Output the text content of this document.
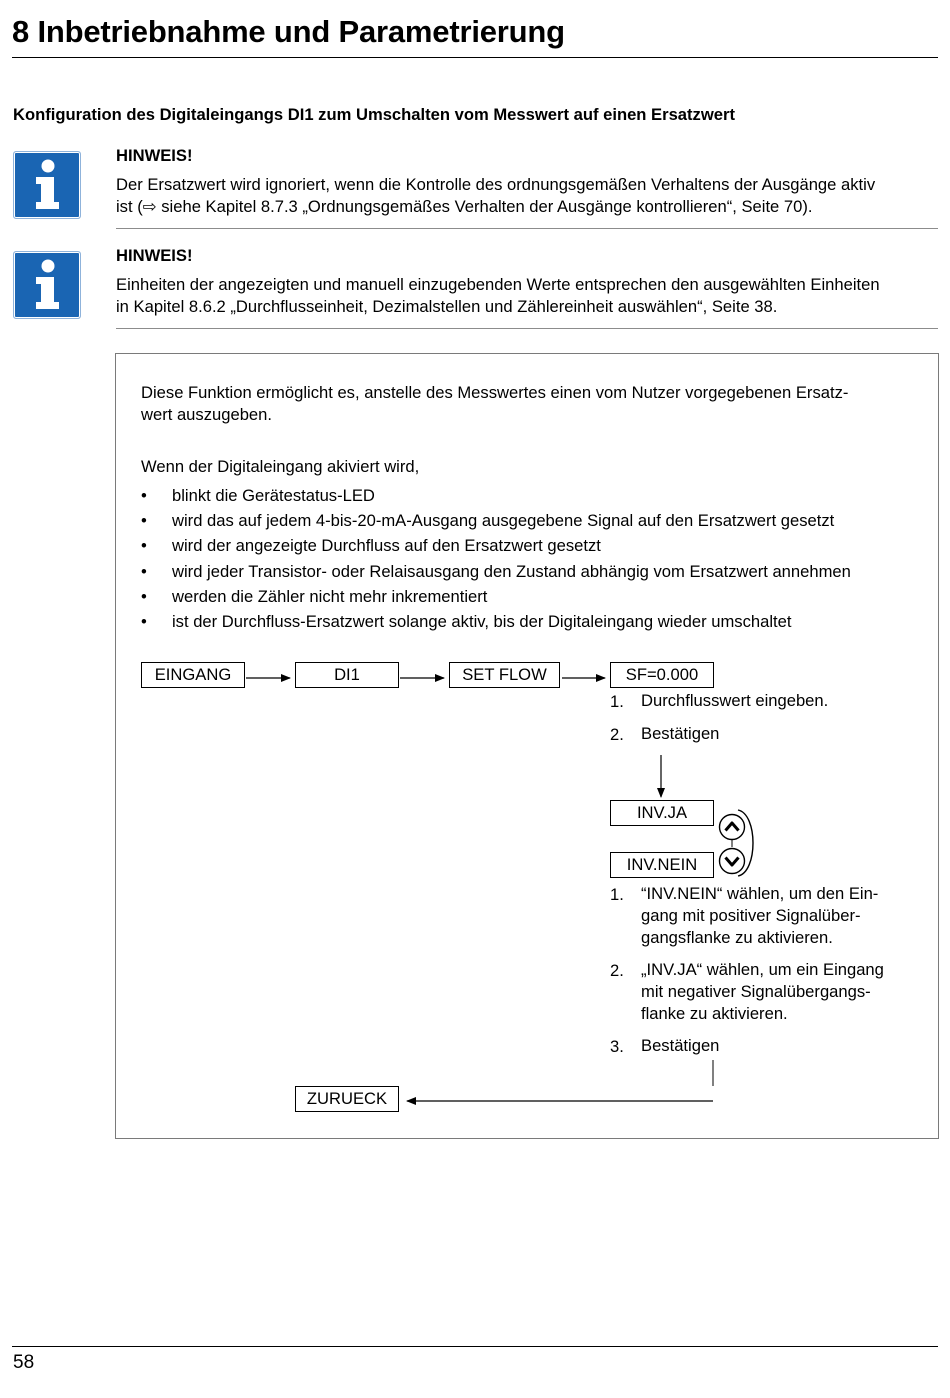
8 Inbetriebnahme und Parametrierung
Konfiguration des Digitaleingangs DI1 zum Umschalten vom Messwert auf einen Ersatzwert
HINWEIS!
Der Ersatzwert wird ignoriert, wenn die Kontrolle des ordnungsgemäßen Verhaltens der Ausgänge aktiv
ist (⇨ siehe Kapitel 8.7.3 „Ordnungsgemäßes Verhalten der Ausgänge kontrollieren“, Seite 70).
HINWEIS!
Einheiten der angezeigten und manuell einzugebenden Werte entsprechen den ausgewählten Einheiten
in Kapitel 8.6.2 „Durchflusseinheit, Dezimalstellen und Zählereinheit auswählen“, Seite 38.
Diese Funktion ermöglicht es, anstelle des Messwertes einen vom Nutzer vorgegebenen Ersatz-
wert auszugeben.
Wenn der Digitaleingang akiviert wird,
• blinkt die Gerätestatus-LED
• wird das auf jedem 4-bis-20-mA-Ausgang ausgegebene Signal auf den Ersatzwert gesetzt
• wird der angezeigte Durchfluss auf den Ersatzwert gesetzt
• wird jeder Transistor- oder Relaisausgang den Zustand abhängig vom Ersatzwert annehmen
• werden die Zähler nicht mehr inkrementiert
• ist der Durchfluss-Ersatzwert solange aktiv, bis der Digitaleingang wieder umschaltet
EINGANG	DI1	SET FLOW	SF=0.000
1. Durchflusswert eingeben.
2. Bestätigen
INV.JA
INV.NEIN
1. “INV.NEIN“ wählen, um den Ein-
gang mit positiver Signalüber-
gangsflanke zu aktivieren.
2. „INV.JA“ wählen, um ein Eingang
mit negativer Signalübergangs-
flanke zu aktivieren.
3. Bestätigen
ZURUECK
58
